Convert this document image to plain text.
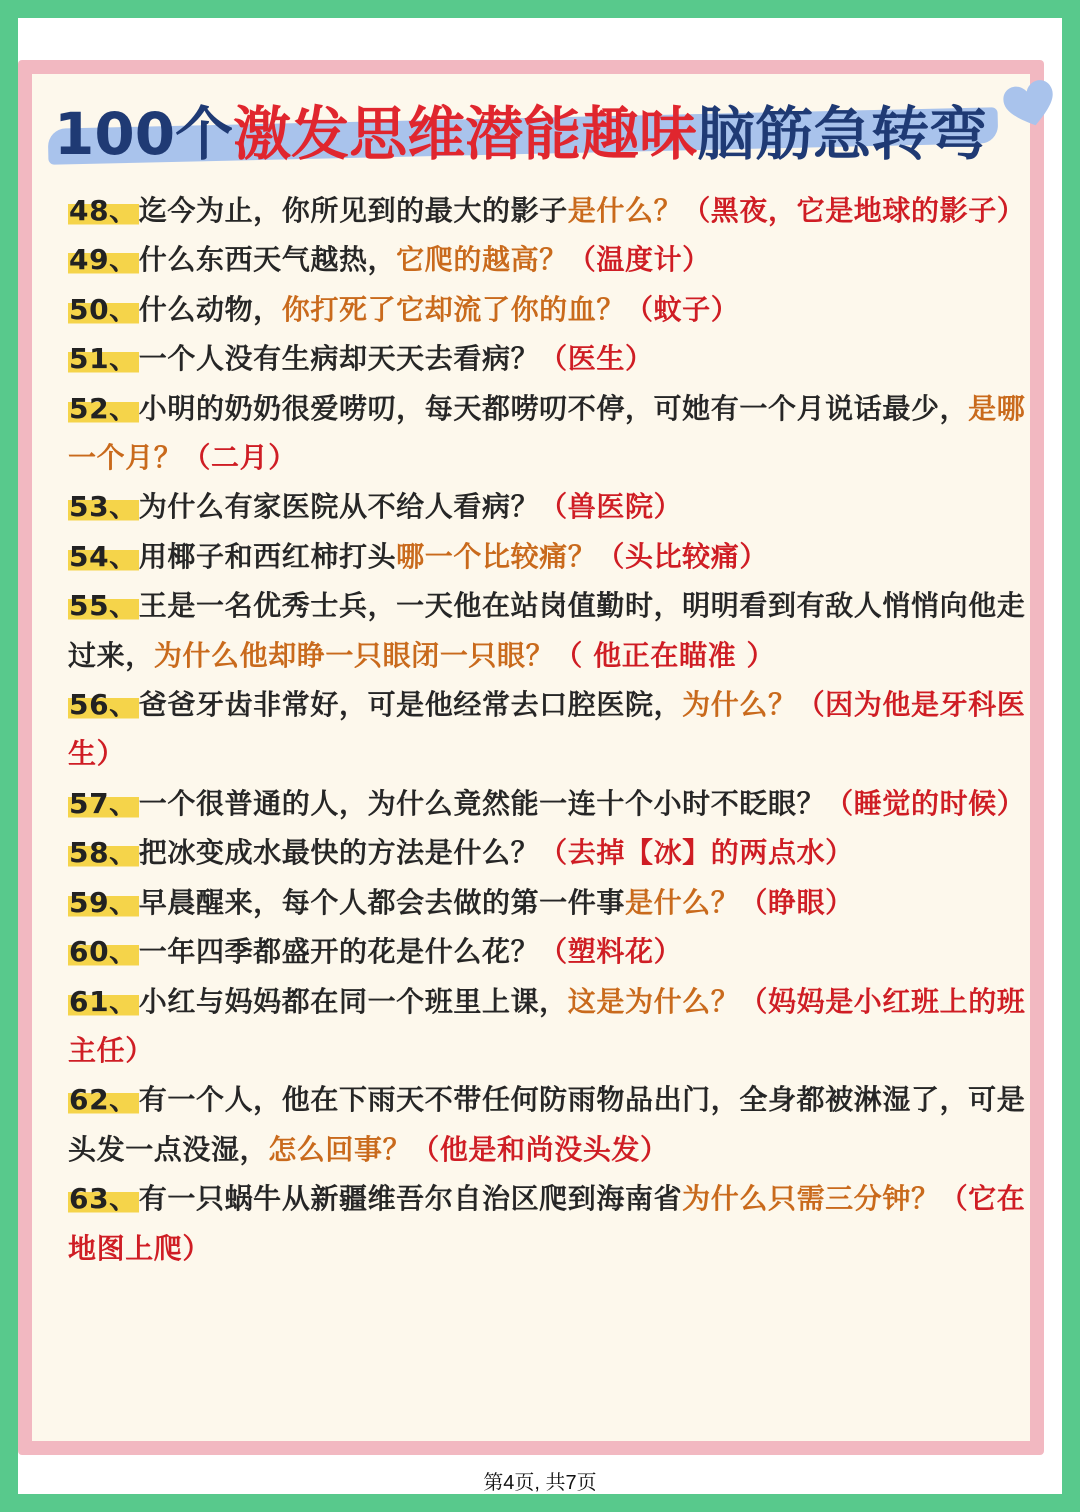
100个激发思维潜能趣味脑筋急转弯

48、迄今为止，你所见到的最大的影子是什么？（黑夜，它是地球的影子）

49、什么东西天气越热，它爬的越高？（温度计）

50、什么动物，你打死了它却流了你的血？（蚊子）

51、一个人没有生病却天天去看病？（医生）

52、小明的奶奶很爱唠叨，每天都唠叨不停，可她有一个月说话最少，是哪一个月？（二月）

53、为什么有家医院从不给人看病？（兽医院）

54、用椰子和西红柿打头哪一个比较痛？（头比较痛）

55、王是一名优秀士兵，一天他在站岗值勤时，明明看到有敌人悄悄向他走过来，为什么他却睁一只眼闭一只眼？（ 他正在瞄准 ）

56、爸爸牙齿非常好，可是他经常去口腔医院，为什么？（因为他是牙科医生）

57、一个很普通的人，为什么竟然能一连十个小时不眨眼？（睡觉的时候）

58、把冰变成水最快的方法是什么？（去掉【冰】的两点水）

59、早晨醒来，每个人都会去做的第一件事是什么？（睁眼）

60、一年四季都盛开的花是什么花？（塑料花）

61、小红与妈妈都在同一个班里上课，这是为什么？（妈妈是小红班上的班主任）

62、有一个人，他在下雨天不带任何防雨物品出门，全身都被淋湿了，可是头发一点没湿，怎么回事？（他是和尚没头发）

63、有一只蜗牛从新疆维吾尔自治区爬到海南省为什么只需三分钟？（它在地图上爬）

第4页, 共7页
